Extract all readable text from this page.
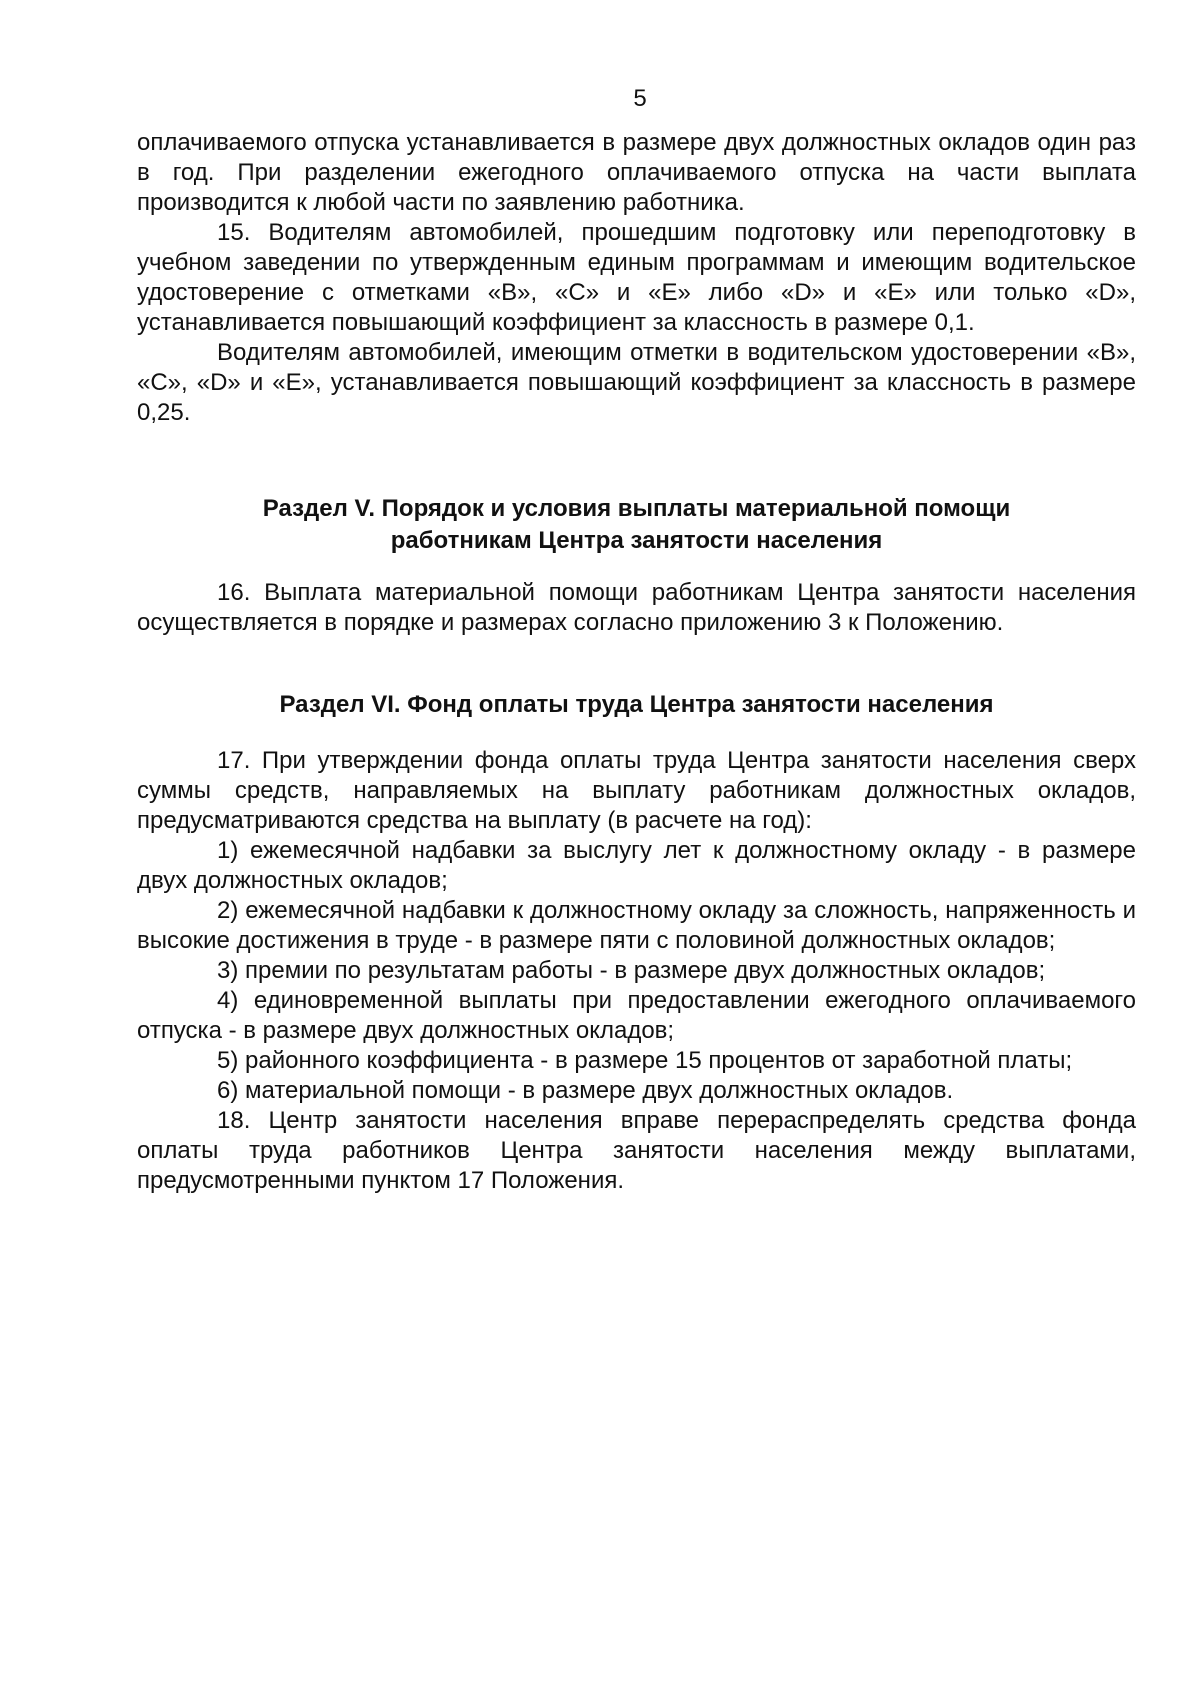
5

оплачиваемого отпуска устанавливается в размере двух должностных окладов один раз в год. При разделении ежегодного оплачиваемого отпуска на части выплата производится к любой части по заявлению работника.

15. Водителям автомобилей, прошедшим подготовку или переподготовку в учебном заведении по утвержденным единым программам и имеющим водительское удостоверение с отметками «В», «С» и «Е» либо «D» и «Е» или только «D», устанавливается повышающий коэффициент за классность в размере 0,1.

Водителям автомобилей, имеющим отметки в водительском удостоверении «В», «С», «D» и «Е», устанавливается повышающий коэффициент за классность в размере 0,25.

Раздел V. Порядок и условия выплаты материальной помощи
работникам Центра занятости населения

16. Выплата материальной помощи работникам Центра занятости населения осуществляется в порядке и размерах согласно приложению 3 к Положению.

Раздел VI. Фонд оплаты труда Центра занятости населения

17. При утверждении фонда оплаты труда Центра занятости населения сверх суммы средств, направляемых на выплату работникам должностных окладов, предусматриваются средства на выплату (в расчете на год):

1) ежемесячной надбавки за выслугу лет к должностному окладу - в размере двух должностных окладов;

2) ежемесячной надбавки к должностному окладу за сложность, напряженность и высокие достижения в труде - в размере пяти с половиной должностных окладов;

3) премии по результатам работы - в размере двух должностных окладов;

4) единовременной выплаты при предоставлении ежегодного оплачиваемого отпуска - в размере двух должностных окладов;

5) районного коэффициента - в размере 15 процентов от заработной платы;

6) материальной помощи - в размере двух должностных окладов.

18. Центр занятости населения вправе перераспределять средства фонда оплаты труда работников Центра занятости населения между выплатами, предусмотренными пунктом 17 Положения.
